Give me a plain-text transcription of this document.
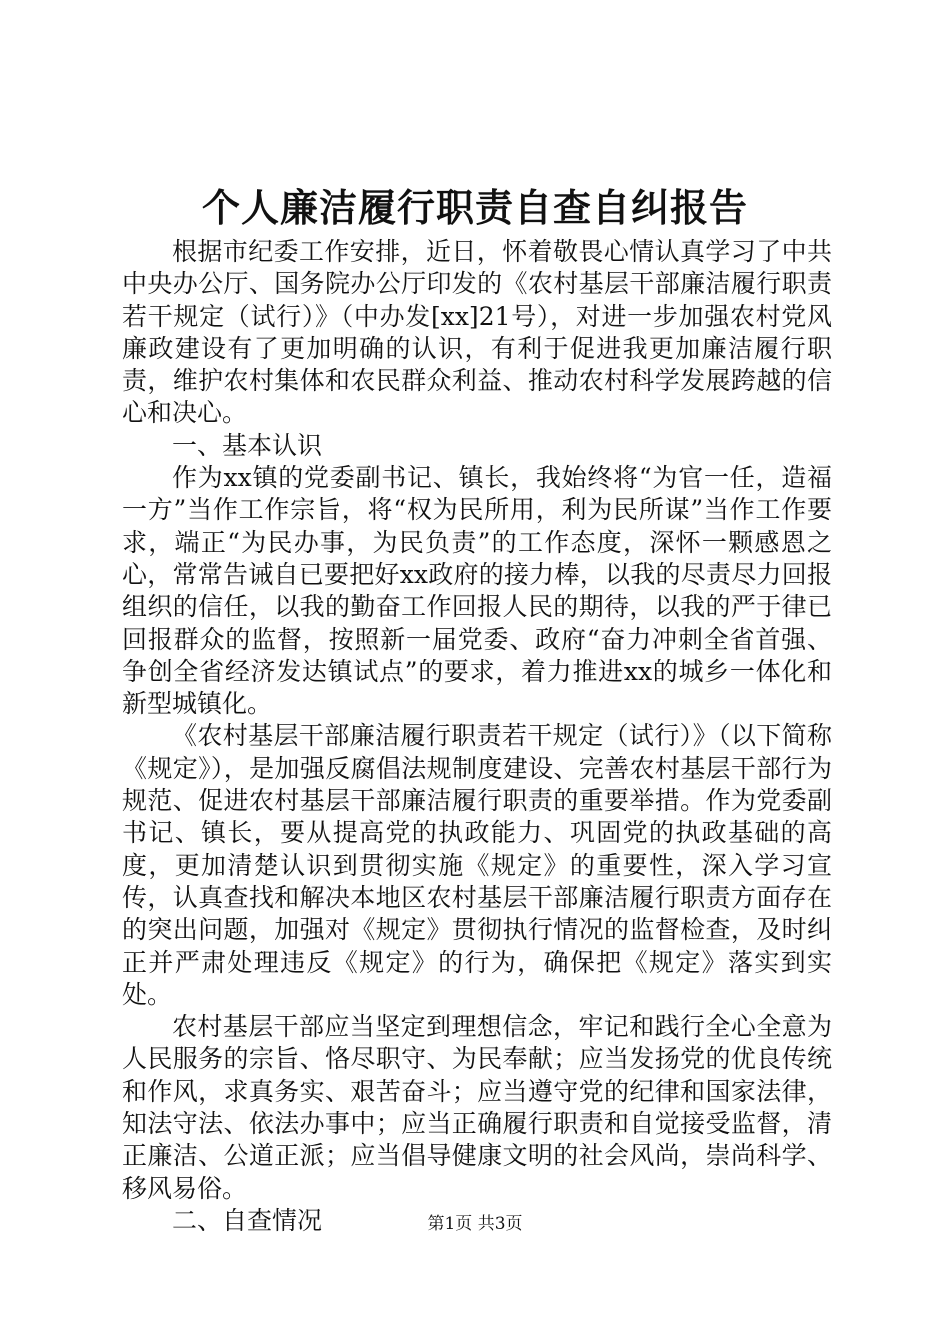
个人廉洁履行职责自查自纠报告

根据市纪委工作安排，近日，怀着敬畏心情认真学习了中共中央办公厅、国务院办公厅印发的《农村基层干部廉洁履行职责若干规定（试行）》（中办发[xx]21号），对进一步加强农村党风廉政建设有了更加明确的认识，有利于促进我更加廉洁履行职责，维护农村集体和农民群众利益、推动农村科学发展跨越的信心和决心。

一、基本认识

作为xx镇的党委副书记、镇长，我始终将“为官一任，造福一方”当作工作宗旨，将“权为民所用，利为民所谋”当作工作要求，端正“为民办事，为民负责”的工作态度，深怀一颗感恩之心，常常告诫自已要把好xx政府的接力棒，以我的尽责尽力回报组织的信任，以我的勤奋工作回报人民的期待，以我的严于律已回报群众的监督，按照新一届党委、政府“奋力冲刺全省首强、争创全省经济发达镇试点”的要求，着力推进xx的城乡一体化和新型城镇化。

《农村基层干部廉洁履行职责若干规定（试行）》（以下简称《规定》），是加强反腐倡法规制度建设、完善农村基层干部行为规范、促进农村基层干部廉洁履行职责的重要举措。作为党委副书记、镇长，要从提高党的执政能力、巩固党的执政基础的高度，更加清楚认识到贯彻实施《规定》的重要性，深入学习宣传，认真查找和解决本地区农村基层干部廉洁履行职责方面存在的突出问题，加强对《规定》贯彻执行情况的监督检查，及时纠正并严肃处理违反《规定》的行为，确保把《规定》落实到实处。

农村基层干部应当坚定到理想信念，牢记和践行全心全意为人民服务的宗旨、恪尽职守、为民奉献；应当发扬党的优良传统和作风，求真务实、艰苦奋斗；应当遵守党的纪律和国家法律，知法守法、依法办事中；应当正确履行职责和自觉接受监督，清正廉洁、公道正派；应当倡导健康文明的社会风尚，崇尚科学、移风易俗。

二、自查情况	第1页 共3页
